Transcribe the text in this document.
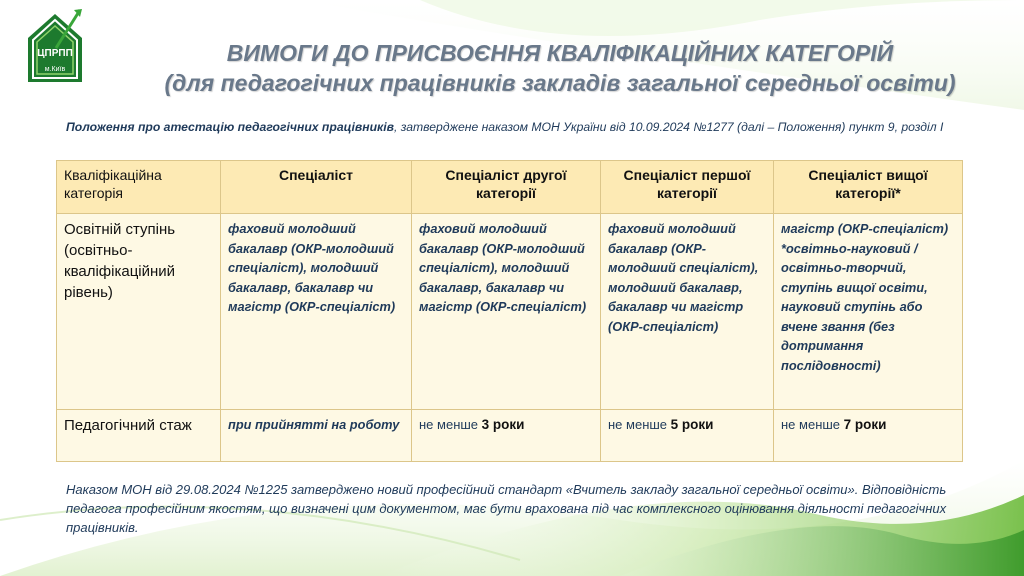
ЦПРПП
м.Київ
ВИМОГИ ДО ПРИСВОЄННЯ КВАЛІФІКАЦІЙНИХ КАТЕГОРІЙ
(для педагогічних працівників закладів загальної середньої освіти)
Положення про атестацію педагогічних працівників, затверджене наказом МОН України від 10.09.2024 №1277 (далі – Положення) пункт 9, розділ I
Кваліфікаційна категорія	Спеціаліст	Спеціаліст другої категорії	Спеціаліст першої категорії	Спеціаліст вищої категорії*
Освітній ступінь (освітньо-кваліфікаційний рівень)	фаховий молодший бакалавр (ОКР-молодший спеціаліст), молодший бакалавр, бакалавр чи магістр (ОКР-спеціаліст)	фаховий молодший бакалавр (ОКР-молодший спеціаліст), молодший бакалавр, бакалавр чи магістр (ОКР-спеціаліст)	фаховий молодший бакалавр (ОКР-молодший спеціаліст), молодший бакалавр, бакалавр чи магістр (ОКР-спеціаліст)	магістр (ОКР-спеціаліст) *освітньо-науковий / освітньо-творчий, ступінь вищої освіти, науковий ступінь або вчене звання (без дотримання послідовності)
Педагогічний стаж	при прийнятті на роботу	не менше 3 роки	не менше 5 роки	не менше 7 роки
Наказом МОН від 29.08.2024 №1225 затверджено новий професійний стандарт «Вчитель закладу загальної середньої освіти». Відповідність педагога професійним якостям, що визначені цим документом, має бути врахована під час комплексного оцінювання діяльності педагогічних працівників.
